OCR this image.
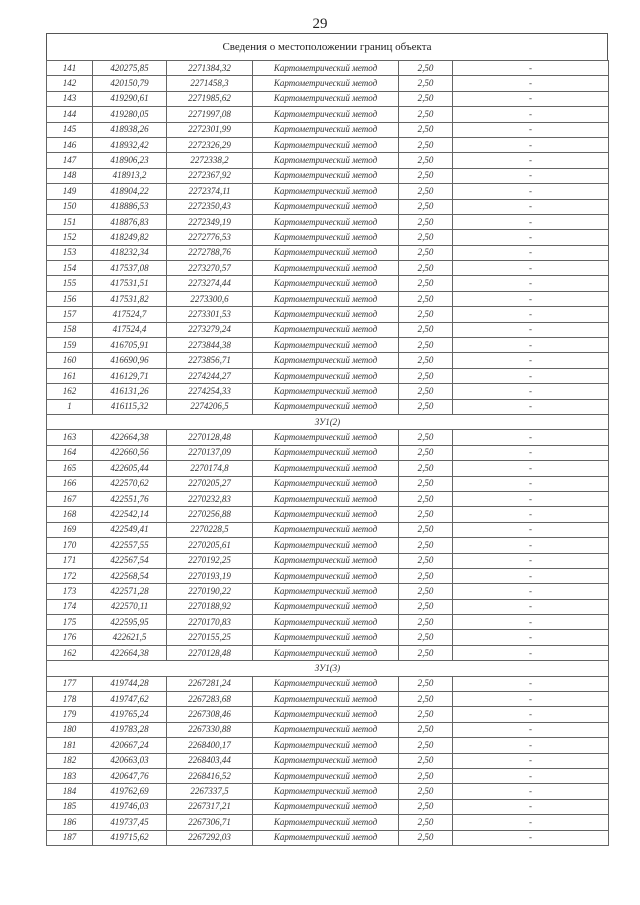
29
Сведения о местоположении границ объекта
141	420275,85	2271384,32	Картометрический метод	2,50	-
142	420150,79	2271458,3	Картометрический метод	2,50	-
143	419290,61	2271985,62	Картометрический метод	2,50	-
144	419280,05	2271997,08	Картометрический метод	2,50	-
145	418938,26	2272301,99	Картометрический метод	2,50	-
146	418932,42	2272326,29	Картометрический метод	2,50	-
147	418906,23	2272338,2	Картометрический метод	2,50	-
148	418913,2	2272367,92	Картометрический метод	2,50	-
149	418904,22	2272374,11	Картометрический метод	2,50	-
150	418886,53	2272350,43	Картометрический метод	2,50	-
151	418876,83	2272349,19	Картометрический метод	2,50	-
152	418249,82	2272776,53	Картометрический метод	2,50	-
153	418232,34	2272788,76	Картометрический метод	2,50	-
154	417537,08	2273270,57	Картометрический метод	2,50	-
155	417531,51	2273274,44	Картометрический метод	2,50	-
156	417531,82	2273300,6	Картометрический метод	2,50	-
157	417524,7	2273301,53	Картометрический метод	2,50	-
158	417524,4	2273279,24	Картометрический метод	2,50	-
159	416705,91	2273844,38	Картометрический метод	2,50	-
160	416690,96	2273856,71	Картометрический метод	2,50	-
161	416129,71	2274244,27	Картометрический метод	2,50	-
162	416131,26	2274254,33	Картометрический метод	2,50	-
1	416115,32	2274206,5	Картометрический метод	2,50	-
ЗУ1(2)					
163	422664,38	2270128,48	Картометрический метод	2,50	-
164	422660,56	2270137,09	Картометрический метод	2,50	-
165	422605,44	2270174,8	Картометрический метод	2,50	-
166	422570,62	2270205,27	Картометрический метод	2,50	-
167	422551,76	2270232,83	Картометрический метод	2,50	-
168	422542,14	2270256,88	Картометрический метод	2,50	-
169	422549,41	2270228,5	Картометрический метод	2,50	-
170	422557,55	2270205,61	Картометрический метод	2,50	-
171	422567,54	2270192,25	Картометрический метод	2,50	-
172	422568,54	2270193,19	Картометрический метод	2,50	-
173	422571,28	2270190,22	Картометрический метод	2,50	-
174	422570,11	2270188,92	Картометрический метод	2,50	-
175	422595,95	2270170,83	Картометрический метод	2,50	-
176	422621,5	2270155,25	Картометрический метод	2,50	-
162	422664,38	2270128,48	Картометрический метод	2,50	-
ЗУ1(3)					
177	419744,28	2267281,24	Картометрический метод	2,50	-
178	419747,62	2267283,68	Картометрический метод	2,50	-
179	419765,24	2267308,46	Картометрический метод	2,50	-
180	419783,28	2267330,88	Картометрический метод	2,50	-
181	420667,24	2268400,17	Картометрический метод	2,50	-
182	420663,03	2268403,44	Картометрический метод	2,50	-
183	420647,76	2268416,52	Картометрический метод	2,50	-
184	419762,69	2267337,5	Картометрический метод	2,50	-
185	419746,03	2267317,21	Картометрический метод	2,50	-
186	419737,45	2267306,71	Картометрический метод	2,50	-
187	419715,62	2267292,03	Картометрический метод	2,50	-
